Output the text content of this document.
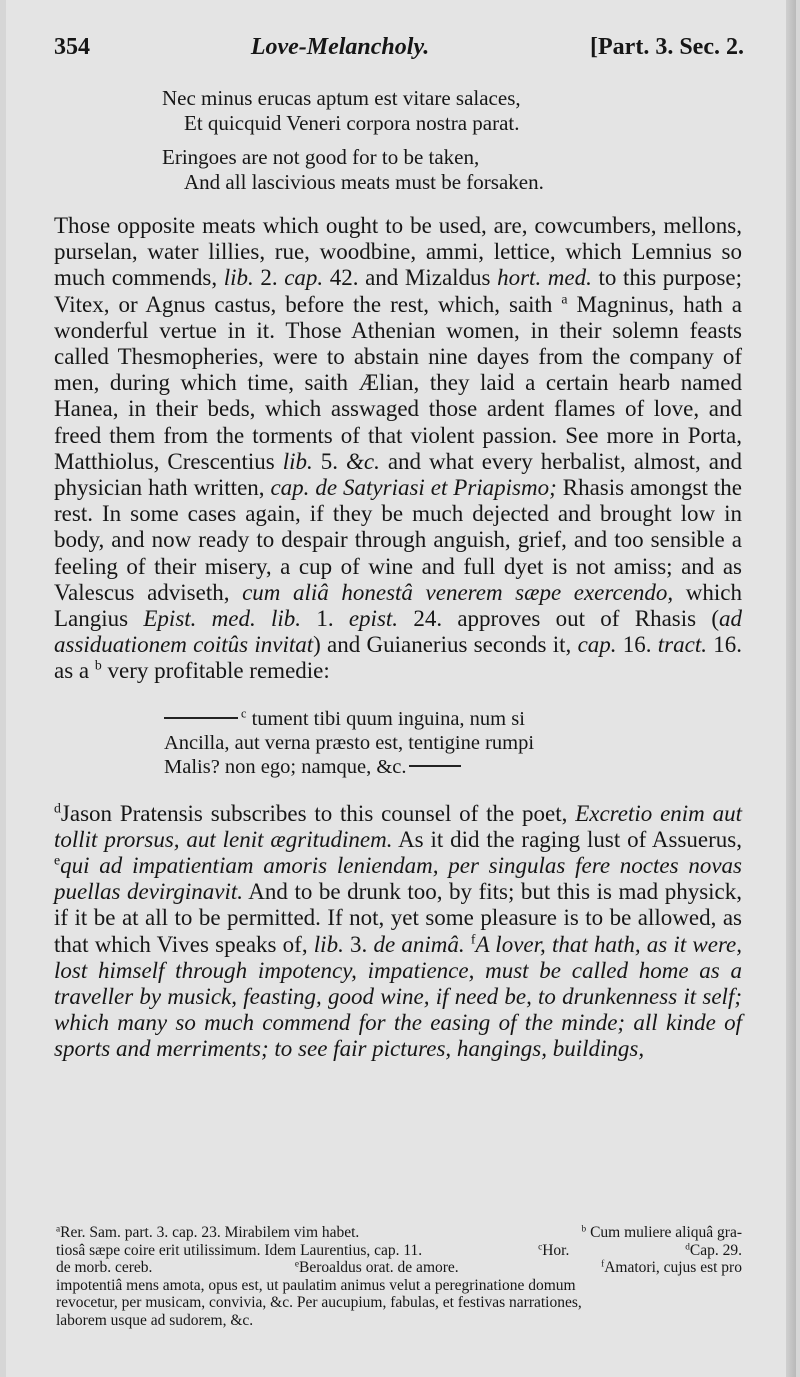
354	Love-Melancholy.	[Part. 3. Sec. 2.

Nec minus erucas aptum est vitare salaces,

Et quicquid Veneri corpora nostra parat.

Eringoes are not good for to be taken,

And all lascivious meats must be forsaken.

Those opposite meats which ought to be used, are, cowcumbers, mellons, purselan, water lillies, rue, woodbine, ammi, lettice, which Lemnius so much commends, lib. 2. cap. 42. and Mizaldus hort. med. to this purpose; Vitex, or Agnus castus, before the rest, which, saith $^a$ Magninus, hath a wonderful vertue in it. Those Athenian women, in their solemn feasts called Thesmopheries, were to abstain nine dayes from the company of men, during which time, saith Ælian, they laid a certain hearb named Hanea, in their beds, which asswaged those ardent flames of love, and freed them from the torments of that violent passion. See more in Porta, Matthiolus, Crescentius lib. 5. &c. and what every herbalist, almost, and physician hath written, cap. de Satyriasi et Priapismo; Rhasis amongst the rest. In some cases again, if they be much dejected and brought low in body, and now ready to despair through anguish, grief, and too sensible a feeling of their misery, a cup of wine and full dyet is not amiss; and as Valescus adviseth, cum aliâ honestâ venerem sæpe exercendo, which Langius Epist. med. lib. 1. epist. 24. approves out of Rhasis (ad assiduationem coitûs invitat) and Guianerius seconds it, cap. 16. tract. 16. as a $^b$ very profitable remedie:

$^c$ tument tibi quum inguina, num si
Ancilla, aut verna præsto est, tentigine rumpi
Malis? non ego; namque, &c.

$^d$Jason Pratensis subscribes to this counsel of the poet, Excretio enim aut tollit prorsus, aut lenit ægritudinem. As it did the raging lust of Assuerus, $^e$qui ad impatientiam amoris leniendam, per singulas fere noctes novas puellas devirginavit. And to be drunk too, by fits; but this is mad physick, if it be at all to be permitted. If not, yet some pleasure is to be allowed, as that which Vives speaks of, lib. 3. de animâ. $^f$A lover, that hath, as it were, lost himself through impotency, impatience, must be called home as a traveller by musick, feasting, good wine, if need be, to drunkenness it self; which many so much commend for the easing of the minde; all kinde of sports and merriments; to see fair pictures, hangings, buildings,

$^a$Rer. Sam. part. 3. cap. 23. Mirabilem vim habet.	$^b$ Cum muliere aliquâ gra-
tiosâ sæpe coire erit utilissimum. Idem Laurentius, cap. 11.	$^c$Hor.	$^d$Cap. 29.
de morb. cereb.	$^e$Beroaldus orat. de amore.	$^f$Amatori, cujus est pro
impotentiâ mens amota, opus est, ut paulatim animus velut a peregrinatione domum
revocetur, per musicam, convivia, &c. Per aucupium, fabulas, et festivas narrationes,
laborem usque ad sudorem, &c.
